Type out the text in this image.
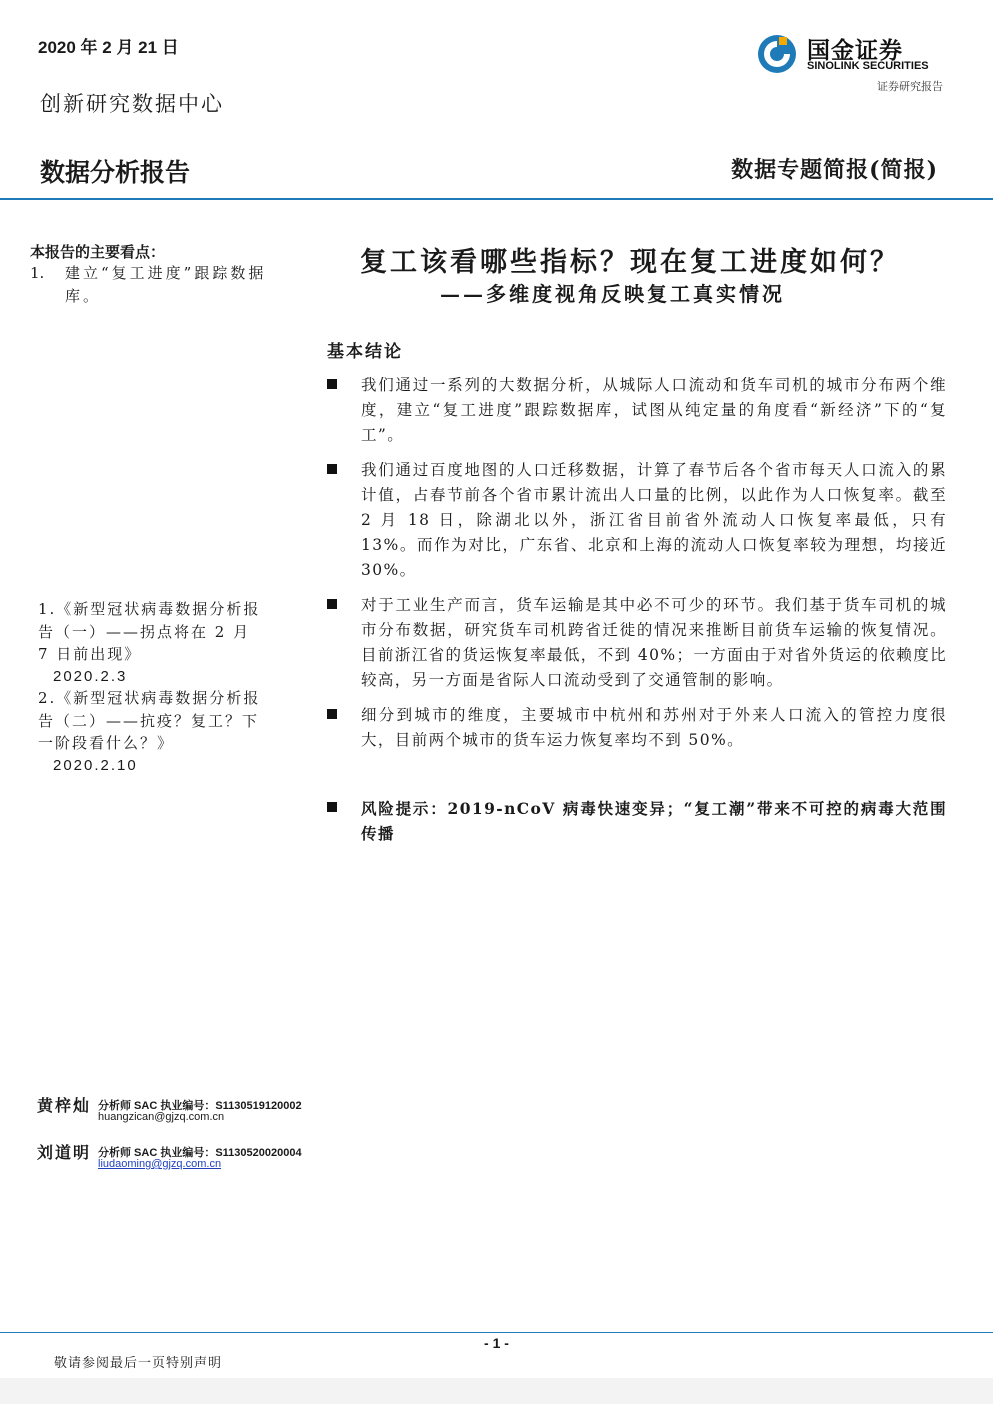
2020 年 2 月 21 日
创新研究数据中心
数据分析报告	数据专题简报(简报)
国金证券
SINOLINK SECURITIES
证券研究报告
本报告的主要看点：
1. 建立“复工进度”跟踪数据库。
1.《新型冠状病毒数据分析报告（一）——拐点将在 2 月 7 日前出现》
2020.2.3
2.《新型冠状病毒数据分析报告（二）——抗疫？复工？下一阶段看什么？》
2020.2.10
黄梓灿 分析师 SAC 执业编号：S1130519120002
huangzican@gjzq.com.cn
刘道明 分析师 SAC 执业编号：S1130520020004
liudaoming@gjzq.com.cn
复工该看哪些指标？现在复工进度如何？
——多维度视角反映复工真实情况
基本结论
我们通过一系列的大数据分析，从城际人口流动和货车司机的城市分布两个维度，建立“复工进度”跟踪数据库，试图从纯定量的角度看“新经济”下的“复工”。
我们通过百度地图的人口迁移数据，计算了春节后各个省市每天人口流入的累计值，占春节前各个省市累计流出人口量的比例，以此作为人口恢复率。截至 2 月 18 日，除湖北以外，浙江省目前省外流动人口恢复率最低，只有 13%。而作为对比，广东省、北京和上海的流动人口恢复率较为理想，均接近 30%。
对于工业生产而言，货车运输是其中必不可少的环节。我们基于货车司机的城市分布数据，研究货车司机跨省迁徙的情况来推断目前货车运输的恢复情况。目前浙江省的货运恢复率最低，不到 40%；一方面由于对省外货运的依赖度比较高，另一方面是省际人口流动受到了交通管制的影响。
细分到城市的维度，主要城市中杭州和苏州对于外来人口流入的管控力度很大，目前两个城市的货车运力恢复率均不到 50%。
风险提示：2019-nCoV 病毒快速变异；“复工潮”带来不可控的病毒大范围传播
- 1 -
敬请参阅最后一页特别声明
